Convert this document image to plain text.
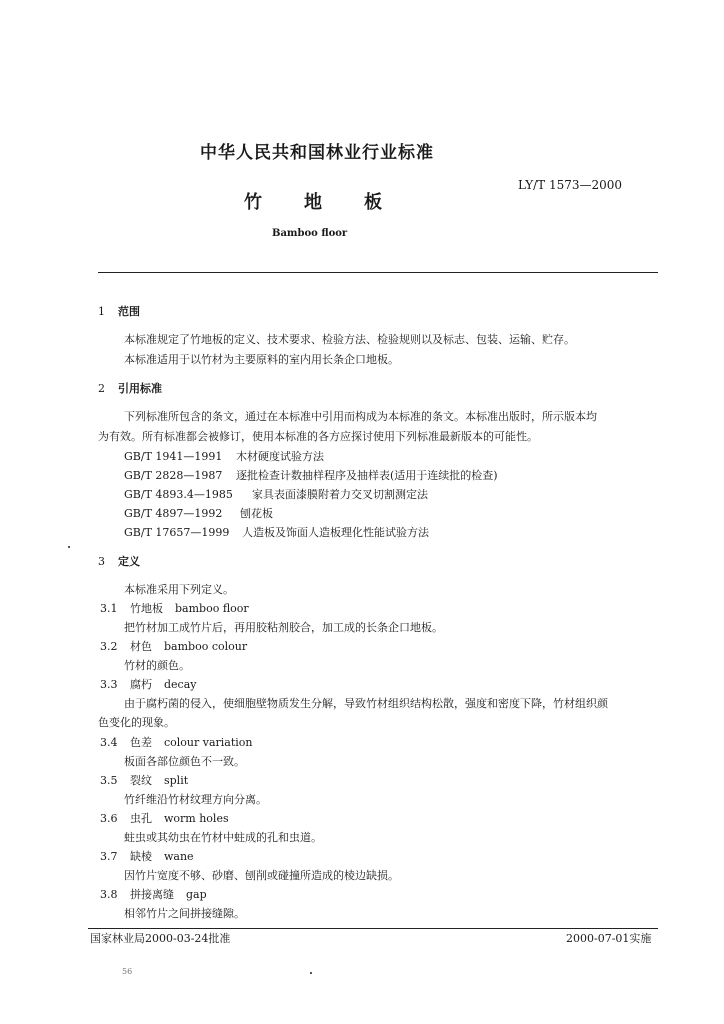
中华人民共和国林业行业标准
LY/T 1573—2000
竹 地 板
Bamboo floor
1 范围
本标准规定了竹地板的定义、技术要求、检验方法、检验规则以及标志、包装、运输、贮存。
本标准适用于以竹材为主要原料的室内用长条企口地板。
2 引用标准
下列标准所包含的条文，通过在本标准中引用而构成为本标准的条文。本标准出版时，所示版本均
为有效。所有标准都会被修订，使用本标准的各方应探讨使用下列标准最新版本的可能性。
GB/T 1941—1991 木材硬度试验方法
GB/T 2828—1987 逐批检查计数抽样程序及抽样表(适用于连续批的检查)
GB/T 4893.4—1985 家具表面漆膜附着力交叉切割测定法
GB/T 4897—1992 刨花板
GB/T 17657—1999 人造板及饰面人造板理化性能试验方法
3 定义
本标准采用下列定义。
3.1 竹地板 bamboo floor
把竹材加工成竹片后，再用胶粘剂胶合，加工成的长条企口地板。
3.2 材色 bamboo colour
竹材的颜色。
3.3 腐朽 decay
由于腐朽菌的侵入，使细胞壁物质发生分解，导致竹材组织结构松散，强度和密度下降，竹材组织颜
色变化的现象。
3.4 色差 colour variation
板面各部位颜色不一致。
3.5 裂纹 split
竹纤维沿竹材纹理方向分离。
3.6 虫孔 worm holes
蛀虫或其幼虫在竹材中蛀成的孔和虫道。
3.7 缺棱 wane
因竹片宽度不够、砂磨、刨削或碰撞所造成的棱边缺损。
3.8 拼接离缝 gap
相邻竹片之间拼接缝隙。
国家林业局2000-03-24批准	2000-07-01实施
56
